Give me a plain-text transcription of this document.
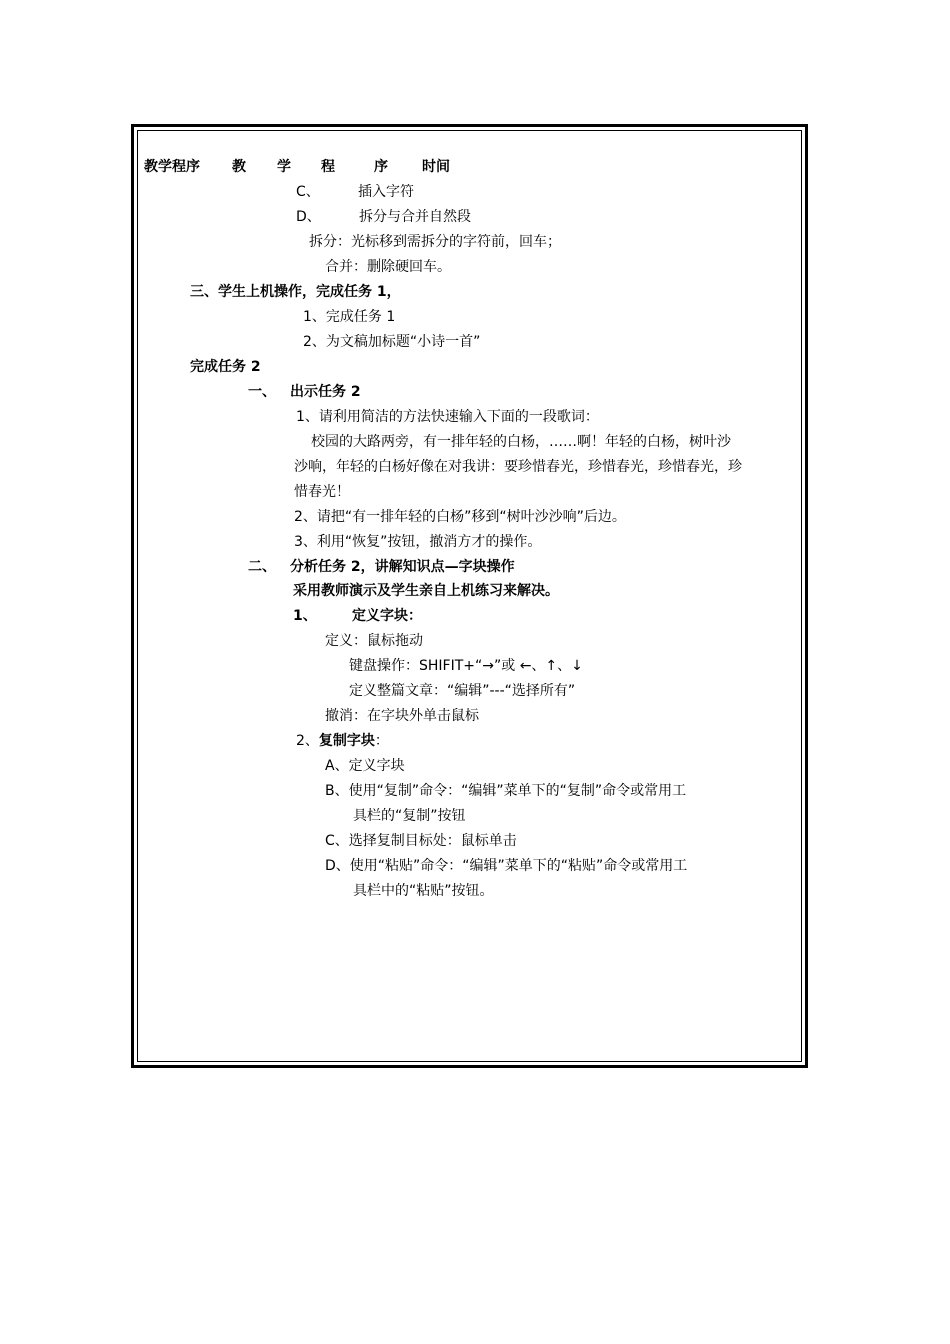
教学程序 教 学 程	序 时间
C、	插入字符
D、	拆分与合并自然段
拆分：光标移到需拆分的字符前，回车；
合并：删除硬回车。
三、学生上机操作，完成任务 1，
1、完成任务 1
2、为文稿加标题“小诗一首”
完成任务 2
一、 出示任务 2
1、请利用简洁的方法快速输入下面的一段歌词：
校园的大路两旁，有一排年轻的白杨，……啊！年轻的白杨，树叶沙
沙响，年轻的白杨好像在对我讲：要珍惜春光，珍惜春光，珍惜春光，珍
惜春光！
2、请把“有一排年轻的白杨”移到“树叶沙沙响”后边。
3、利用“恢复”按钮，撤消方才的操作。
二、 分析任务 2，讲解知识点—字块操作
采用教师演示及学生亲自上机练习来解决。
1、	定义字块：
定义：鼠标拖动
键盘操作：SHIFIT+“→”或 ←、↑、↓
定义整篇文章：“编辑”---“选择所有”
撤消：在字块外单击鼠标
2、复制字块：
A、定义字块
B、使用“复制”命令：“编辑”菜单下的“复制”命令或常用工
具栏的“复制”按钮
C、选择复制目标处：鼠标单击
D、使用“粘贴”命令：“编辑”菜单下的“粘贴”命令或常用工
具栏中的“粘贴”按钮。
